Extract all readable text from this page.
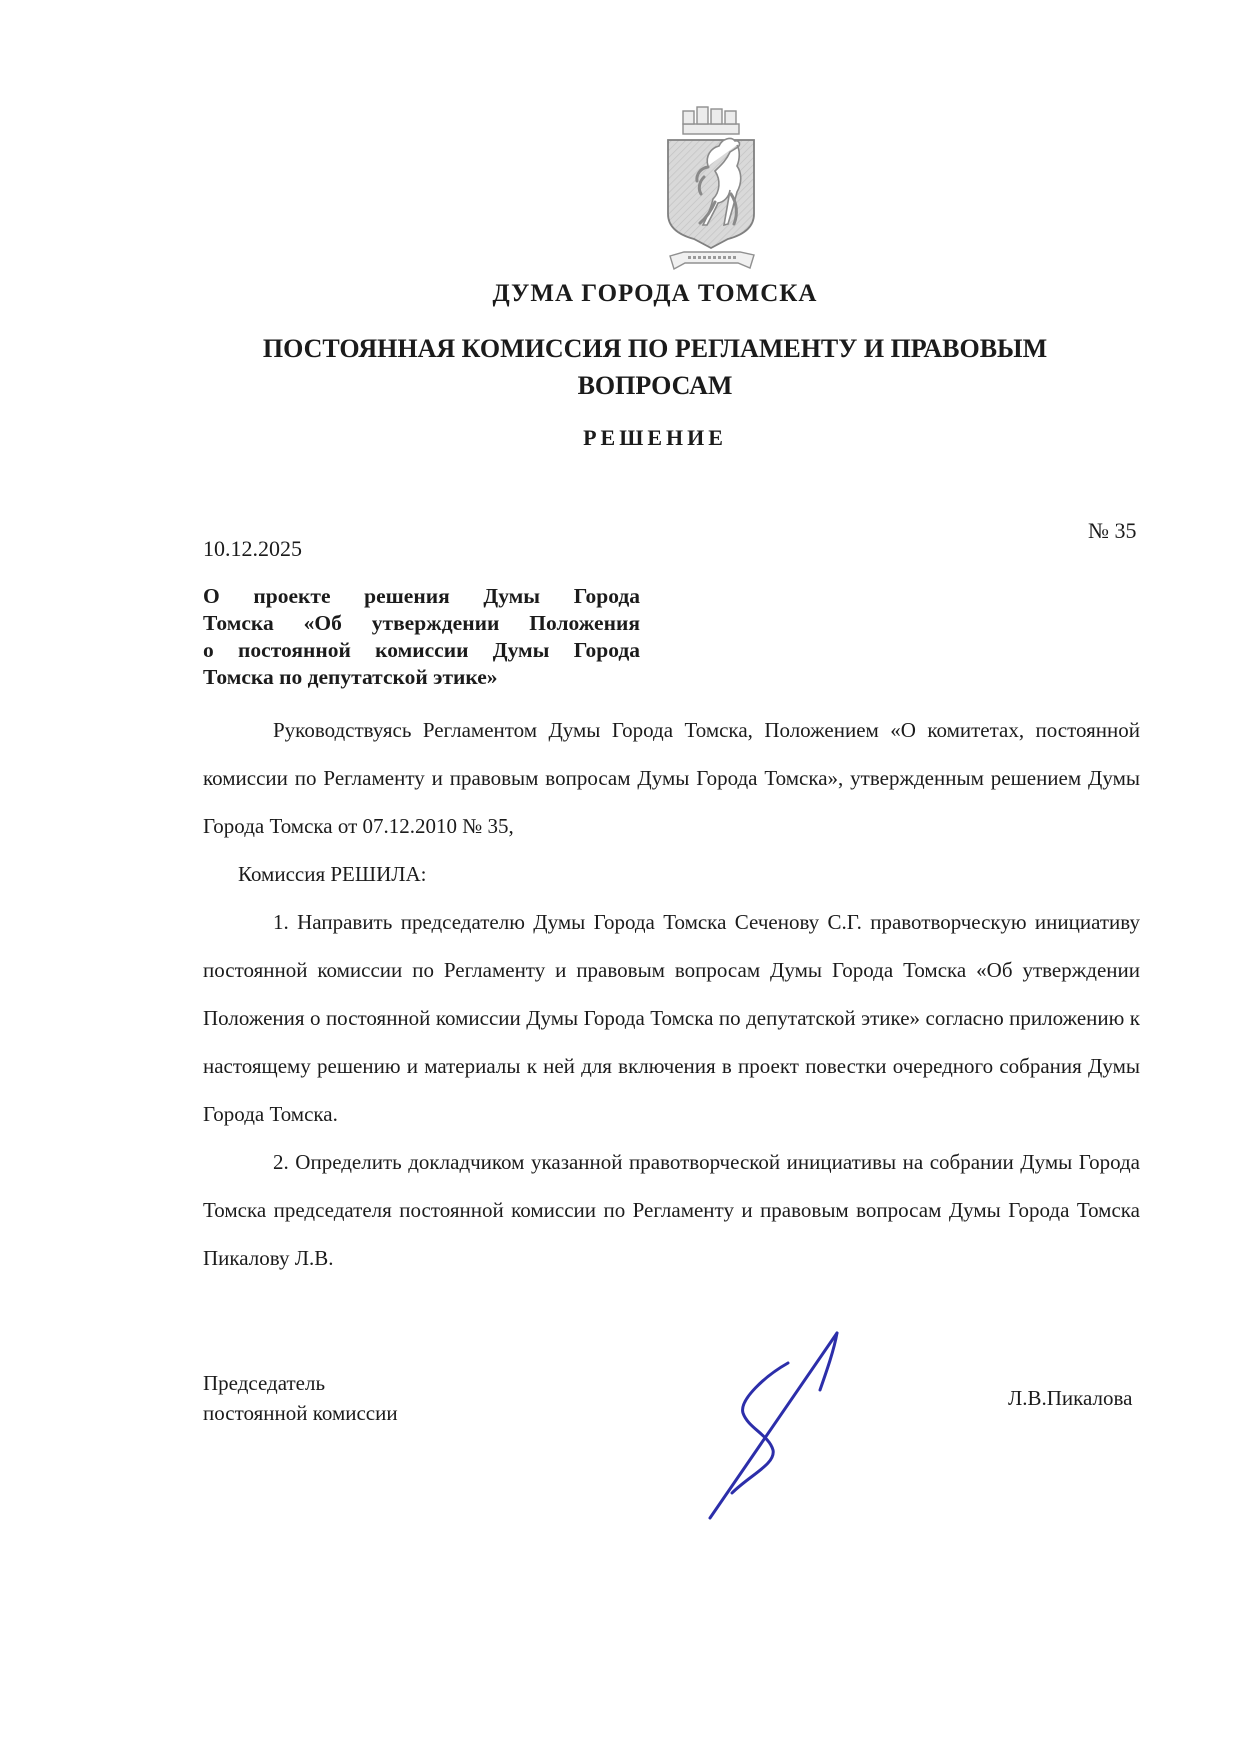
ДУМА ГОРОДА ТОМСКА
ПОСТОЯННАЯ КОМИССИЯ ПО РЕГЛАМЕНТУ И ПРАВОВЫМ ВОПРОСАМ
РЕШЕНИЕ
№ 35
10.12.2025
О проекте решения Думы Города
Томска «Об утверждении Положения
о постоянной комиссии Думы Города
Томска по депутатской этике»

Руководствуясь Регламентом Думы Города Томска, Положением «О комитетах, постоянной комиссии по Регламенту и правовым вопросам Думы Города Томска», утвержденным решением Думы Города Томска от 07.12.2010 № 35,

Комиссия РЕШИЛА:

1. Направить председателю Думы Города Томска Сеченову С.Г. правотворческую инициативу постоянной комиссии по Регламенту и правовым вопросам Думы Города Томска «Об утверждении Положения о постоянной комиссии Думы Города Томска по депутатской этике» согласно приложению к настоящему решению и материалы к ней для включения в проект повестки очередного собрания Думы Города Томска.

2. Определить докладчиком указанной правотворческой инициативы на собрании Думы Города Томска председателя постоянной комиссии по Регламенту и правовым вопросам Думы Города Томска Пикалову Л.В.

Председатель
постоянной комиссии
Л.В.Пикалова
